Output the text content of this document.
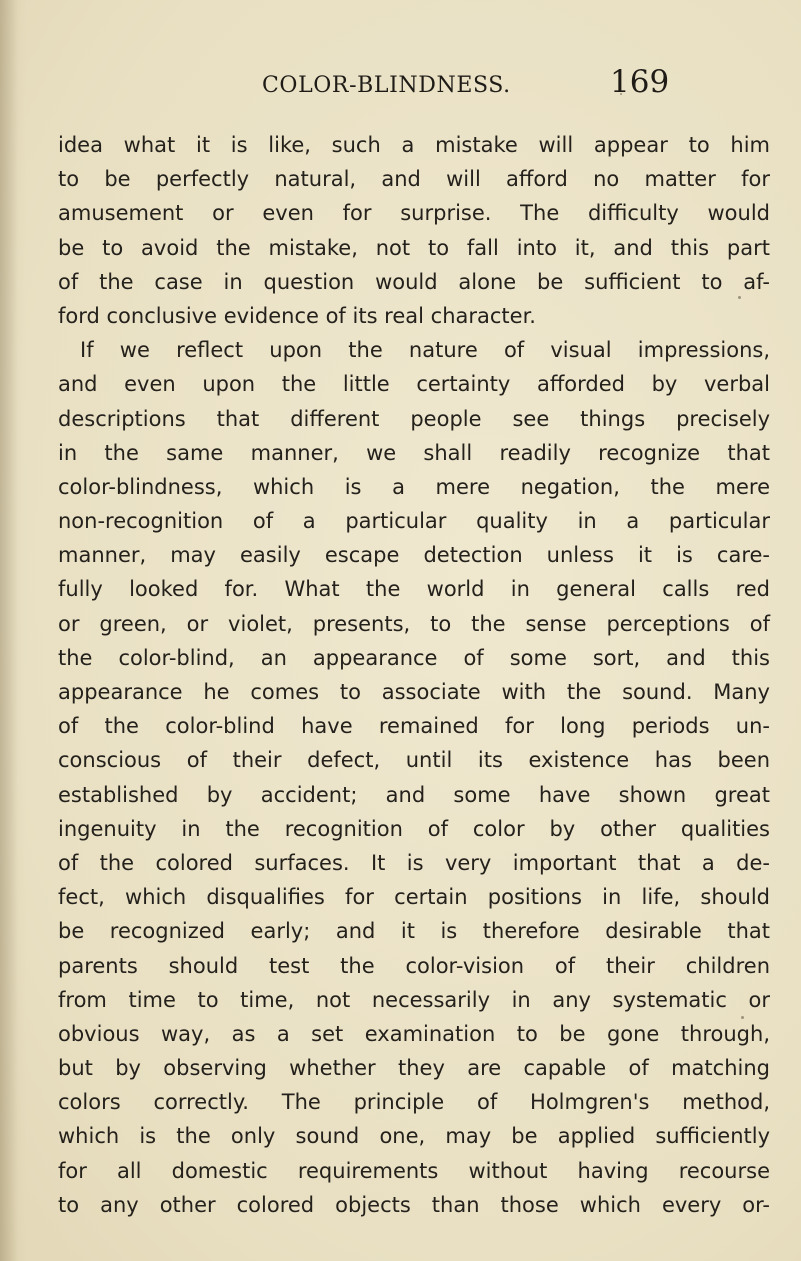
COLOR-BLINDNESS.	169
idea what it is like, such a mistake will appear to him
to be perfectly natural, and will afford no matter for
amusement or even for surprise. The difficulty would
be to avoid the mistake, not to fall into it, and this part
of the case in question would alone be sufficient to af-
ford conclusive evidence of its real character.
If we reflect upon the nature of visual impressions,
and even upon the little certainty afforded by verbal
descriptions that different people see things precisely
in the same manner, we shall readily recognize that
color-blindness, which is a mere negation, the mere
non-recognition of a particular quality in a particular
manner, may easily escape detection unless it is care-
fully looked for. What the world in general calls red
or green, or violet, presents, to the sense perceptions of
the color-blind, an appearance of some sort, and this
appearance he comes to associate with the sound. Many
of the color-blind have remained for long periods un-
conscious of their defect, until its existence has been
established by accident; and some have shown great
ingenuity in the recognition of color by other qualities
of the colored surfaces. It is very important that a de-
fect, which disqualifies for certain positions in life, should
be recognized early; and it is therefore desirable that
parents should test the color-vision of their children
from time to time, not necessarily in any systematic or
obvious way, as a set examination to be gone through,
but by observing whether they are capable of matching
colors correctly. The principle of Holmgren's method,
which is the only sound one, may be applied sufficiently
for all domestic requirements without having recourse
to any other colored objects than those which every or-
